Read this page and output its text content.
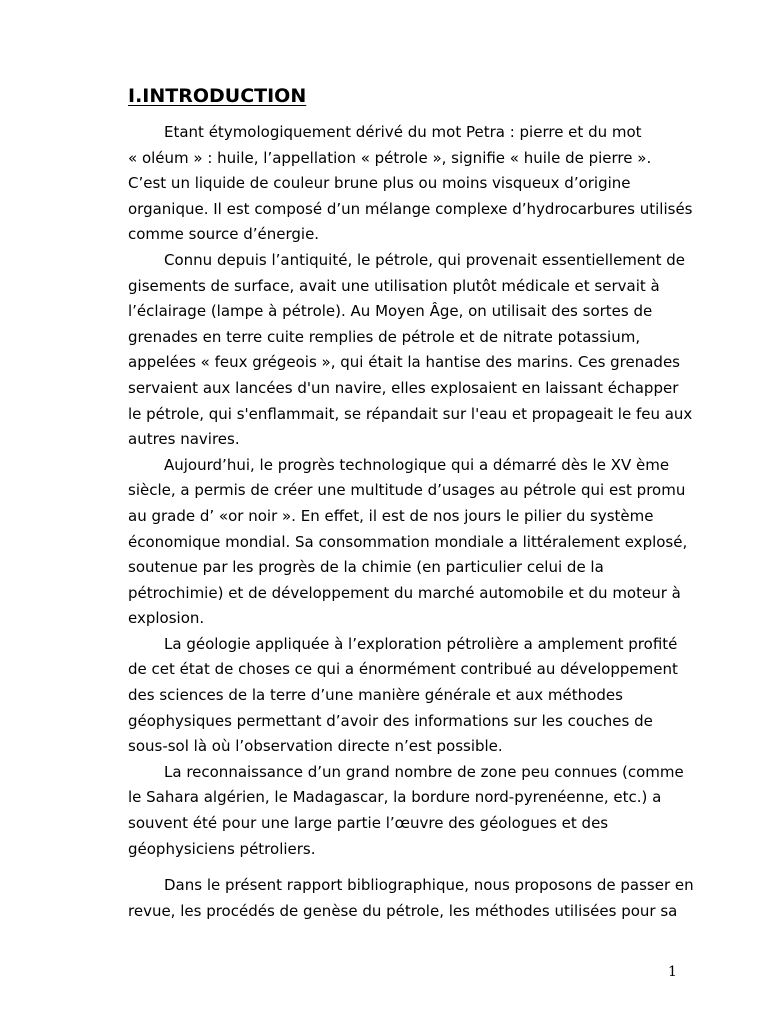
I.INTRODUCTION
Etant étymologiquement dérivé du mot Petra : pierre et du mot
« oléum » : huile, l’appellation « pétrole », signifie « huile de pierre ».
C’est un liquide de couleur brune plus ou moins visqueux d’origine
organique. Il est composé d’un mélange complexe d’hydrocarbures utilisés
comme source d’énergie.
Connu depuis l’antiquité, le pétrole, qui provenait essentiellement de
gisements de surface, avait une utilisation plutôt médicale et servait à
l’éclairage (lampe à pétrole). Au Moyen Âge, on utilisait des sortes de
grenades en terre cuite remplies de pétrole et de nitrate potassium,
appelées « feux grégeois », qui était la hantise des marins. Ces grenades
servaient aux lancées d'un navire, elles explosaient en laissant échapper
le pétrole, qui s'enflammait, se répandait sur l'eau et propageait le feu aux
autres navires.
Aujourd’hui, le progrès technologique qui a démarré dès le XV ème
siècle, a permis de créer une multitude d’usages au pétrole qui est promu
au grade d’ «or noir ». En effet, il est de nos jours le pilier du système
économique mondial. Sa consommation mondiale a littéralement explosé,
soutenue par les progrès de la chimie (en particulier celui de la
pétrochimie) et de développement du marché automobile et du moteur à
explosion.
La géologie appliquée à l’exploration pétrolière a amplement profité
de cet état de choses ce qui a énormément contribué au développement
des sciences de la terre d’une manière générale et aux méthodes
géophysiques permettant d’avoir des informations sur les couches de
sous-sol là où l’observation directe n’est possible.
La reconnaissance d’un grand nombre de zone peu connues (comme
le Sahara algérien, le Madagascar, la bordure nord-pyrenéenne, etc.) a
souvent été pour une large partie l’œuvre des géologues et des
géophysiciens pétroliers.
Dans le présent rapport bibliographique, nous proposons de passer en
revue, les procédés de genèse du pétrole, les méthodes utilisées pour sa
1
